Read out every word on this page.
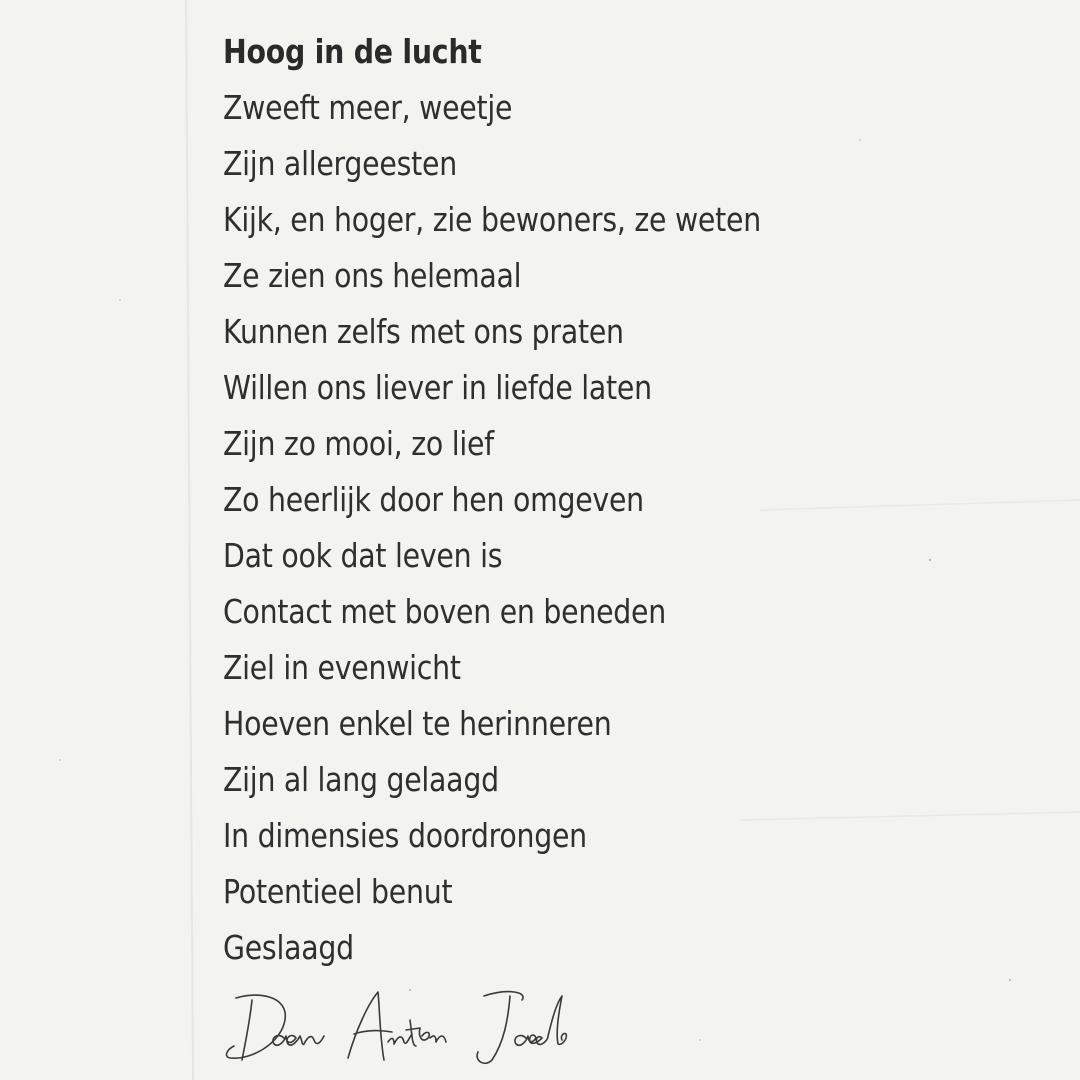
Hoog in de lucht
Zweeft meer, weetje
Zijn allergeesten
Kijk, en hoger, zie bewoners, ze weten
Ze zien ons helemaal
Kunnen zelfs met ons praten
Willen ons liever in liefde laten
Zijn zo mooi, zo lief
Zo heerlijk door hen omgeven
Dat ook dat leven is
Contact met boven en beneden
Ziel in evenwicht
Hoeven enkel te herinneren
Zijn al lang gelaagd
In dimensies doordrongen
Potentieel benut
Geslaagd
